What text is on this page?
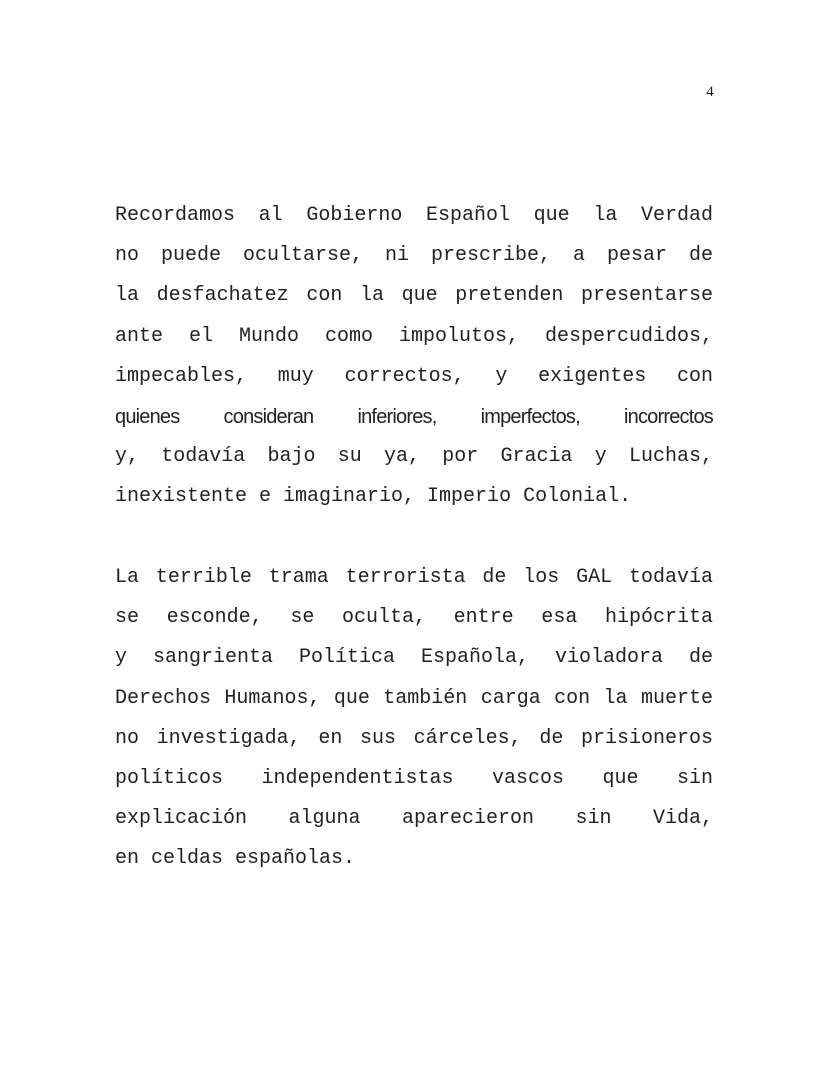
4
Recordamos al Gobierno Español que la Verdad
no puede ocultarse, ni prescribe, a pesar de
la desfachatez con la que pretenden presentarse
ante el Mundo como impolutos, despercudidos,
impecables, muy correctos, y exigentes con
quienes consideran inferiores, imperfectos, incorrectos
y, todavía bajo su ya, por Gracia y Luchas,
inexistente e imaginario, Imperio Colonial.
La terrible trama terrorista de los GAL todavía
se esconde, se oculta, entre esa hipócrita
y sangrienta Política Española, violadora de
Derechos Humanos, que también carga con la muerte
no investigada, en sus cárceles, de prisioneros
políticos independentistas vascos que sin
explicación alguna aparecieron sin Vida,
en celdas españolas.
